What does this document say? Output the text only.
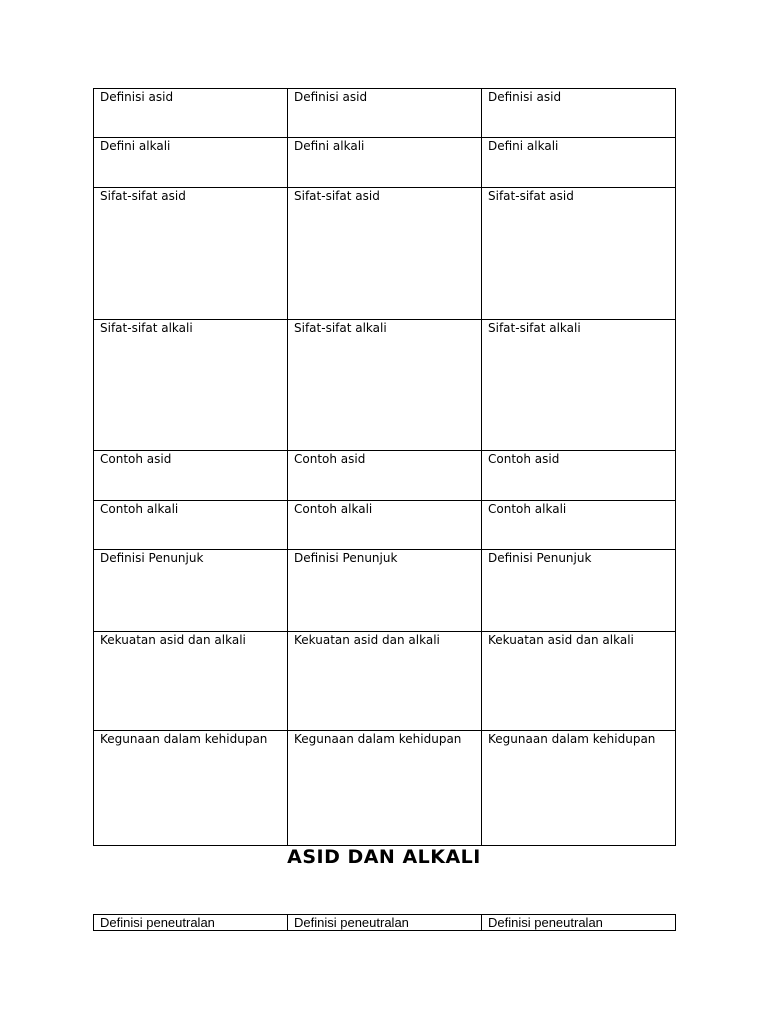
Definisi asid	Definisi asid	Definisi asid
Defini alkali	Defini alkali	Defini alkali
Sifat-sifat asid	Sifat-sifat asid	Sifat-sifat asid
Sifat-sifat alkali	Sifat-sifat alkali	Sifat-sifat alkali
Contoh asid	Contoh asid	Contoh asid
Contoh alkali	Contoh alkali	Contoh alkali
Definisi Penunjuk	Definisi Penunjuk	Definisi Penunjuk
Kekuatan asid dan alkali	Kekuatan asid dan alkali	Kekuatan asid dan alkali
Kegunaan dalam kehidupan	Kegunaan dalam kehidupan	Kegunaan dalam kehidupan
ASID DAN ALKALI
Definisi peneutralan	Definisi peneutralan	Definisi peneutralan
